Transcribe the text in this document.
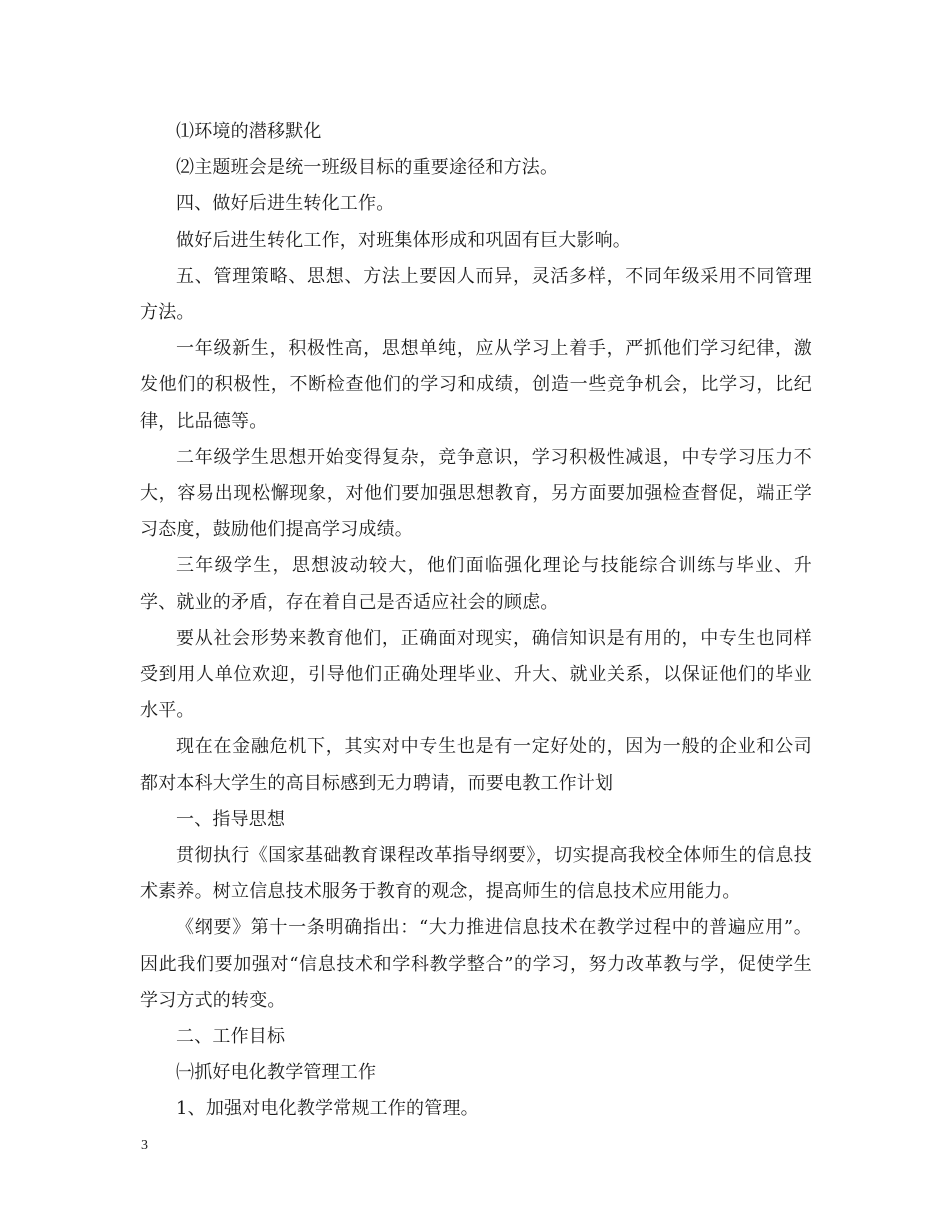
⑴环境的潜移默化

⑵主题班会是统一班级目标的重要途径和方法。

四、做好后进生转化工作。

做好后进生转化工作，对班集体形成和巩固有巨大影响。

五、管理策略、思想、方法上要因人而异，灵活多样，不同年级采用不同管理方法。

一年级新生，积极性高，思想单纯，应从学习上着手，严抓他们学习纪律，激发他们的积极性，不断检查他们的学习和成绩，创造一些竞争机会，比学习，比纪律，比品德等。

二年级学生思想开始变得复杂，竞争意识，学习积极性减退，中专学习压力不大，容易出现松懈现象，对他们要加强思想教育，另方面要加强检查督促，端正学习态度，鼓励他们提高学习成绩。

三年级学生，思想波动较大，他们面临强化理论与技能综合训练与毕业、升学、就业的矛盾，存在着自己是否适应社会的顾虑。

要从社会形势来教育他们，正确面对现实，确信知识是有用的，中专生也同样受到用人单位欢迎，引导他们正确处理毕业、升大、就业关系，以保证他们的毕业水平。

现在在金融危机下，其实对中专生也是有一定好处的，因为一般的企业和公司都对本科大学生的高目标感到无力聘请，而要电教工作计划

一、指导思想

贯彻执行《国家基础教育课程改革指导纲要》，切实提高我校全体师生的信息技术素养。树立信息技术服务于教育的观念，提高师生的信息技术应用能力。

《纲要》第十一条明确指出：“大力推进信息技术在教学过程中的普遍应用”。因此我们要加强对“信息技术和学科教学整合”的学习，努力改革教与学，促使学生学习方式的转变。

二、工作目标

㈠抓好电化教学管理工作

1、加强对电化教学常规工作的管理。

3
